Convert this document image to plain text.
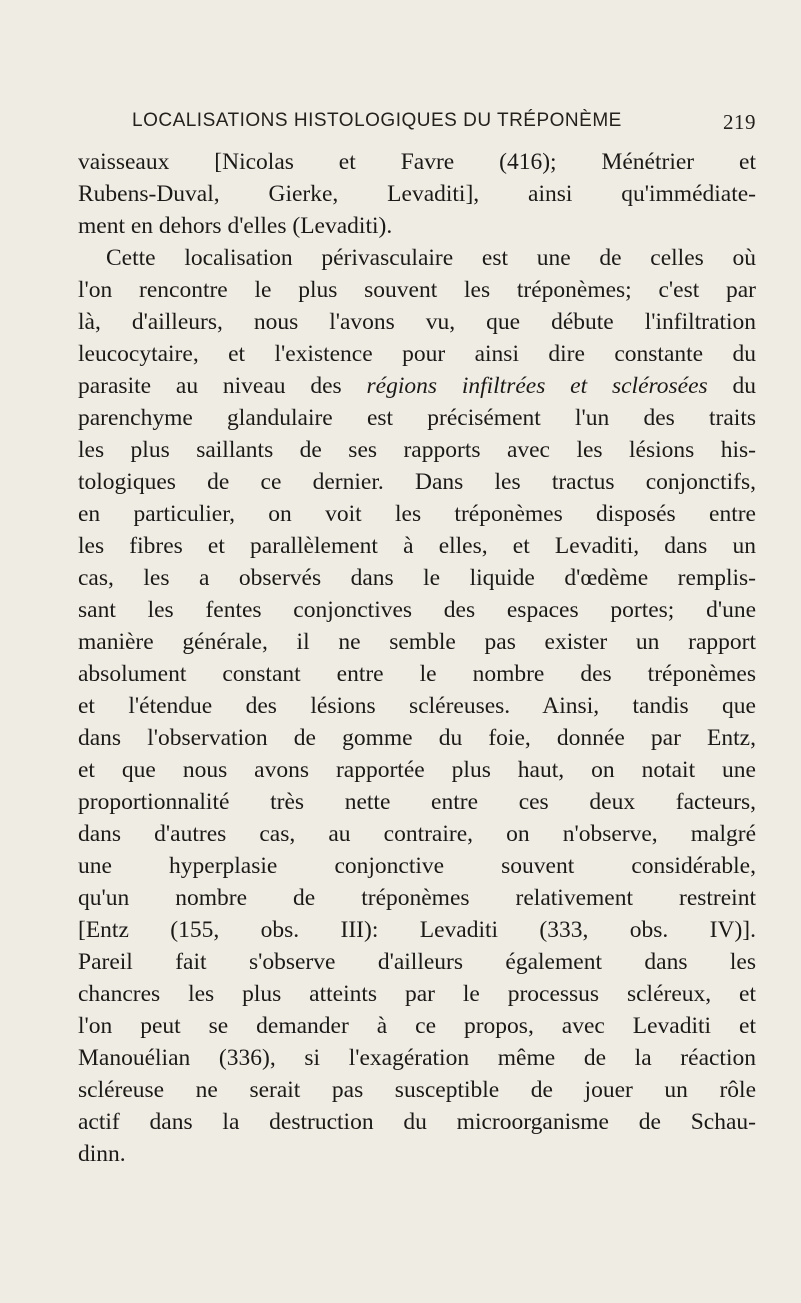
LOCALISATIONS HISTOLOGIQUES DU TRÉPONÈME	219
vaisseaux [Nicolas et Favre (416); Ménétrier et
Rubens-Duval, Gierke, Levaditi], ainsi qu'immédiate-
ment en dehors d'elles (Levaditi).
Cette localisation périvasculaire est une de celles où
l'on rencontre le plus souvent les tréponèmes; c'est par
là, d'ailleurs, nous l'avons vu, que débute l'infiltration
leucocytaire, et l'existence pour ainsi dire constante du
parasite au niveau des régions infiltrées et sclérosées du
parenchyme glandulaire est précisément l'un des traits
les plus saillants de ses rapports avec les lésions his-
tologiques de ce dernier. Dans les tractus conjonctifs,
en particulier, on voit les tréponèmes disposés entre
les fibres et parallèlement à elles, et Levaditi, dans un
cas, les a observés dans le liquide d'œdème remplis-
sant les fentes conjonctives des espaces portes; d'une
manière générale, il ne semble pas exister un rapport
absolument constant entre le nombre des tréponèmes
et l'étendue des lésions scléreuses. Ainsi, tandis que
dans l'observation de gomme du foie, donnée par Entz,
et que nous avons rapportée plus haut, on notait une
proportionnalité très nette entre ces deux facteurs,
dans d'autres cas, au contraire, on n'observe, malgré
une hyperplasie conjonctive souvent considérable,
qu'un nombre de tréponèmes relativement restreint
[Entz (155, obs. III): Levaditi (333, obs. IV)].
Pareil fait s'observe d'ailleurs également dans les
chancres les plus atteints par le processus scléreux, et
l'on peut se demander à ce propos, avec Levaditi et
Manouélian (336), si l'exagération même de la réaction
scléreuse ne serait pas susceptible de jouer un rôle
actif dans la destruction du microorganisme de Schau-
dinn.
